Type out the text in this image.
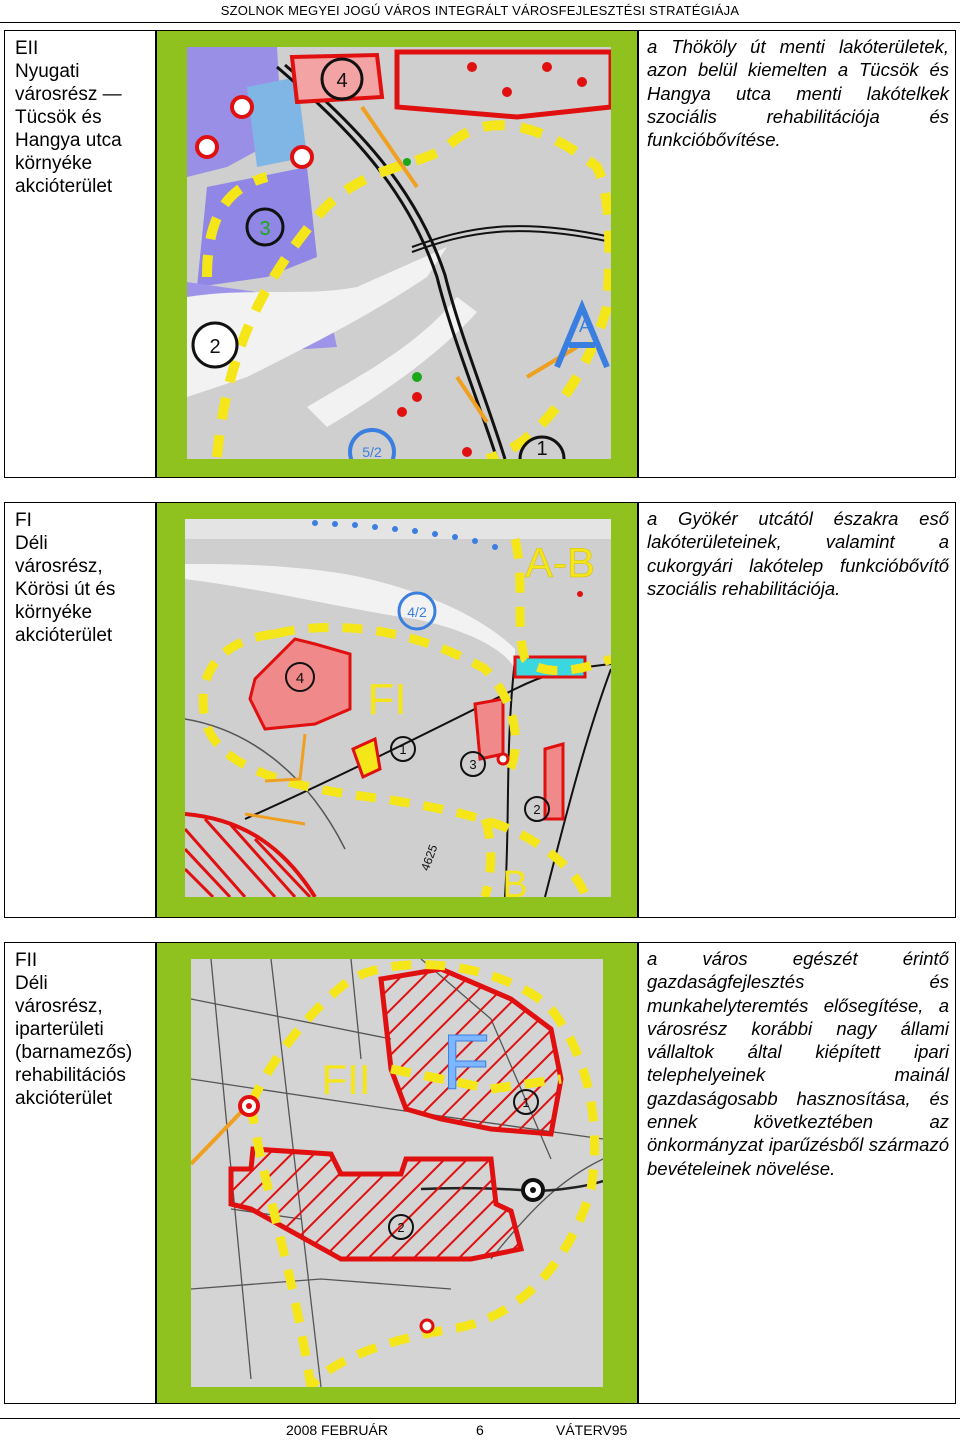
SZOLNOK MEGYEI JOGÚ VÁROS INTEGRÁLT VÁROSFEJLESZTÉSI STRATÉGIÁJA
EII
Nyugati
városrész —
Tücsök és
Hangya utca
környéke
akcióterület
4
3
2
1
A
5/2
a Thököly út menti lakóterületek, azon belül kiemelten a Tücsök és Hangya utca menti lakótelkek szociális rehabilitációja és funkcióbővítése.
FI
Déli
városrész,
Körösi út és
környéke
akcióterület
A-B
4/2
4 FI
1
3
2
B
4625
a Gyökér utcától északra eső lakóterületeinek, valamint a cukorgyári lakótelep funkcióbővítő szociális rehabilitációja.
FII
Déli
városrész,
iparterületi
(barnamezős)
rehabilitációs
akcióterület	FII F	1
2
a város egészét érintő gazdaságfejlesztés és munkahelyteremtés elősegítése, a városrész korábbi nagy állami vállaltok által kiépített ipari telephelyeinek mainál gazdaságosabb hasznosítása, és ennek következtében az önkormányzat iparűzésből származó bevételeinek növelése.
2008 FEBRUÁR	6	VÁTERV95
